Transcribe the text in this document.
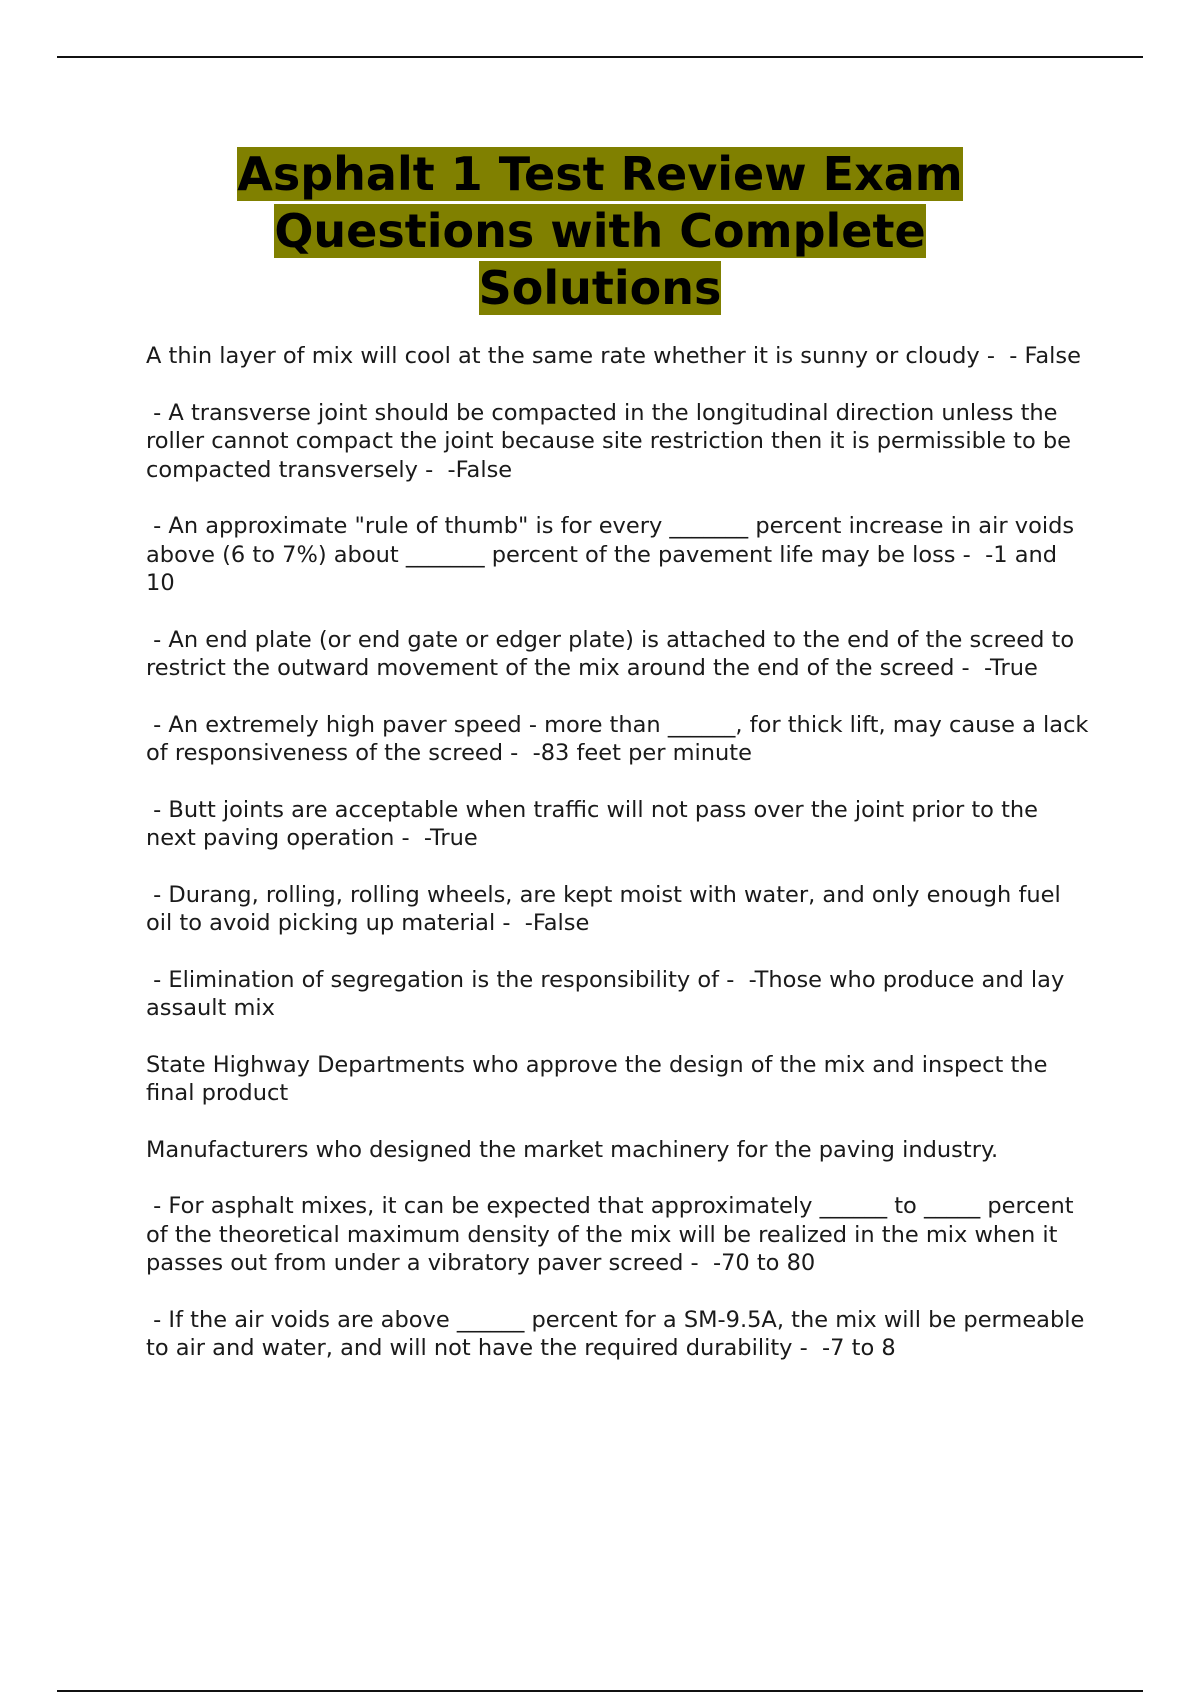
Asphalt 1 Test Review Exam Questions with Complete Solutions

A thin layer of mix will cool at the same rate whether it is sunny or cloudy -  - False

- A transverse joint should be compacted in the longitudinal direction unless the roller cannot compact the joint because site restriction then it is permissible to be compacted transversely -  -False

- An approximate "rule of thumb" is for every _______ percent increase in air voids above (6 to 7%) about _______ percent of the pavement life may be loss -  -1 and 10

- An end plate (or end gate or edger plate) is attached to the end of the screed to restrict the outward movement of the mix around the end of the screed -  -True

- An extremely high paver speed - more than ______, for thick lift, may cause a lack of responsiveness of the screed -  -83 feet per minute

- Butt joints are acceptable when traffic will not pass over the joint prior to the next paving operation -  -True

- Durang, rolling, rolling wheels, are kept moist with water, and only enough fuel oil to avoid picking up material -  -False

- Elimination of segregation is the responsibility of -  -Those who produce and lay assault mix

State Highway Departments who approve the design of the mix and inspect the final product

Manufacturers who designed the market machinery for the paving industry.

- For asphalt mixes, it can be expected that approximately ______ to _____ percent of the theoretical maximum density of the mix will be realized in the mix when it passes out from under a vibratory paver screed -  -70 to 80

- If the air voids are above ______ percent for a SM-9.5A, the mix will be permeable to air and water, and will not have the required durability -  -7 to 8
